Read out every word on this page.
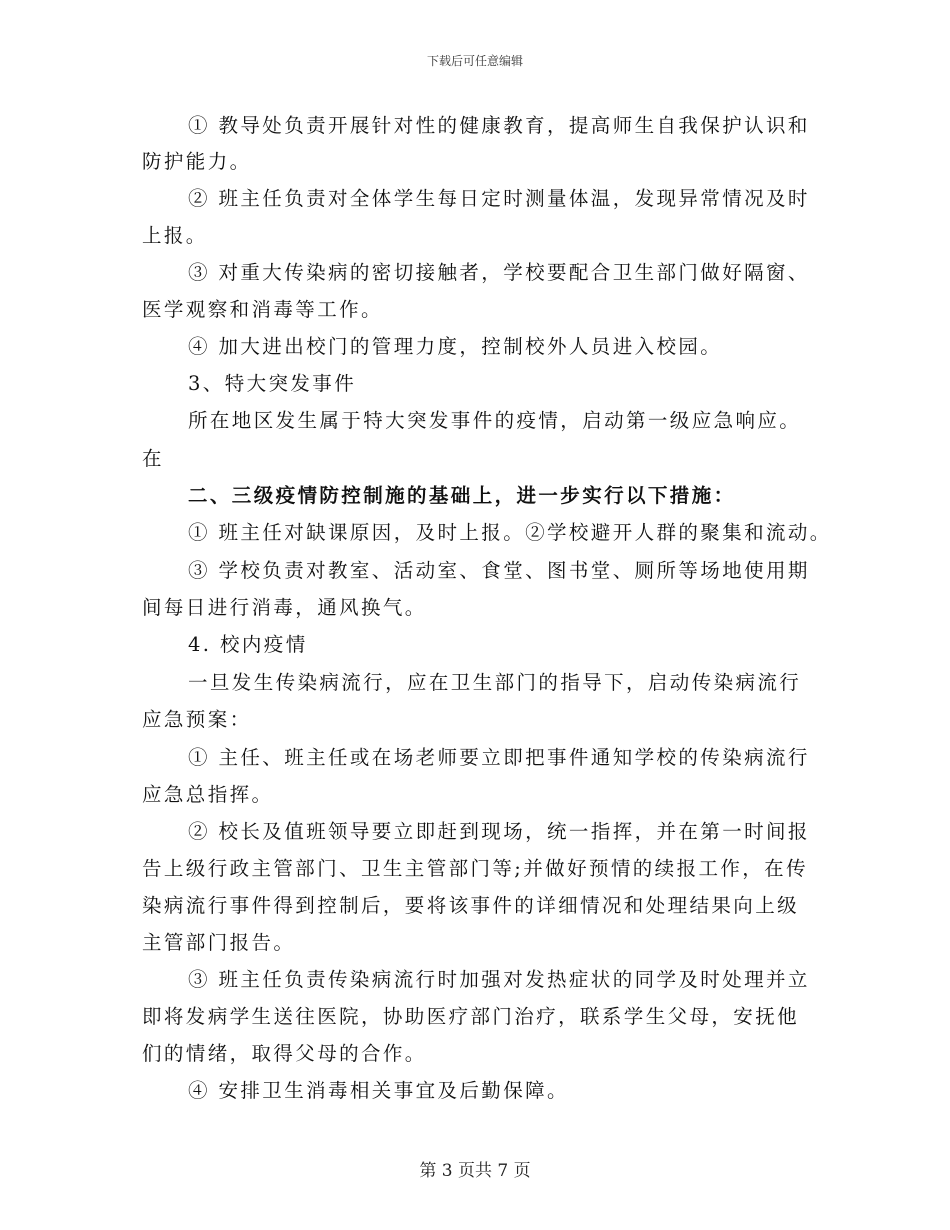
下载后可任意编辑
① 教导处负责开展针对性的健康教育，提高师生自我保护认识和
防护能力。
② 班主任负责对全体学生每日定时测量体温，发现异常情况及时
上报。
③ 对重大传染病的密切接触者，学校要配合卫生部门做好隔窗、
医学观察和消毒等工作。
④ 加大进出校门的管理力度，控制校外人员进入校园。
3、特大突发事件
所在地区发生属于特大突发事件的疫情，启动第一级应急响应。
在
二、三级疫情防控制施的基础上，进一步实行以下措施：
① 班主任对缺课原因，及时上报。②学校避开人群的聚集和流动。
③ 学校负责对教室、活动室、食堂、图书堂、厕所等场地使用期
间每日进行消毒，通风换气。
4. 校内疫情
一旦发生传染病流行，应在卫生部门的指导下，启动传染病流行
应急预案：
① 主任、班主任或在场老师要立即把事件通知学校的传染病流行
应急总指挥。
② 校长及值班领导要立即赶到现场，统一指挥，并在第一时间报
告上级行政主管部门、卫生主管部门等;并做好预情的续报工作，在传
染病流行事件得到控制后，要将该事件的详细情况和处理结果向上级
主管部门报告。
③ 班主任负责传染病流行时加强对发热症状的同学及时处理并立
即将发病学生送往医院，协助医疗部门治疗，联系学生父母，安抚他
们的情绪，取得父母的合作。
④ 安排卫生消毒相关事宜及后勤保障。
第 3 页共 7 页
